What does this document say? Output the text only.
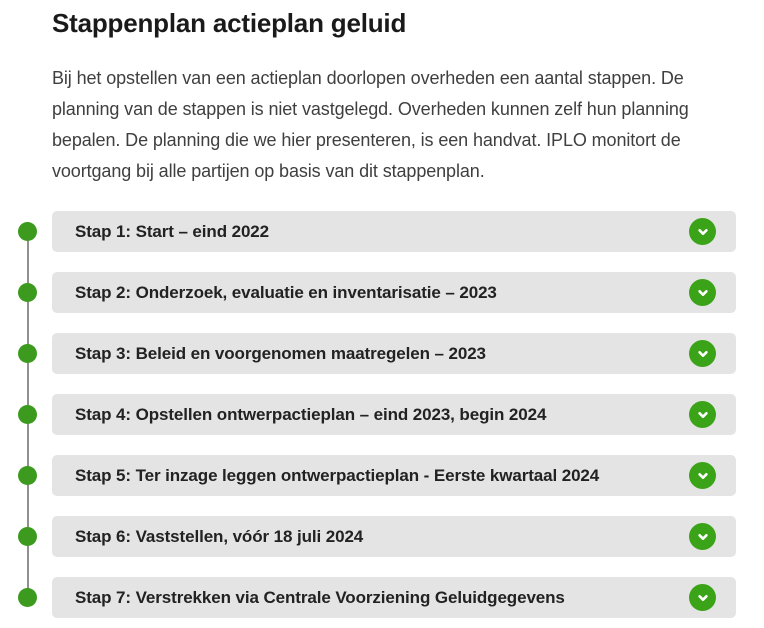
Stappenplan actieplan geluid

Bij het opstellen van een actieplan doorlopen overheden een aantal stappen. De planning van de stappen is niet vastgelegd. Overheden kunnen zelf hun planning bepalen. De planning die we hier presenteren, is een handvat. IPLO monitort de voortgang bij alle partijen op basis van dit stappenplan.

Stap 1: Start – eind 2022
Stap 2: Onderzoek, evaluatie en inventarisatie – 2023
Stap 3: Beleid en voorgenomen maatregelen – 2023
Stap 4: Opstellen ontwerpactieplan – eind 2023, begin 2024
Stap 5: Ter inzage leggen ontwerpactieplan - Eerste kwartaal 2024
Stap 6: Vaststellen, vóór 18 juli 2024
Stap 7: Verstrekken via Centrale Voorziening Geluidgegevens
